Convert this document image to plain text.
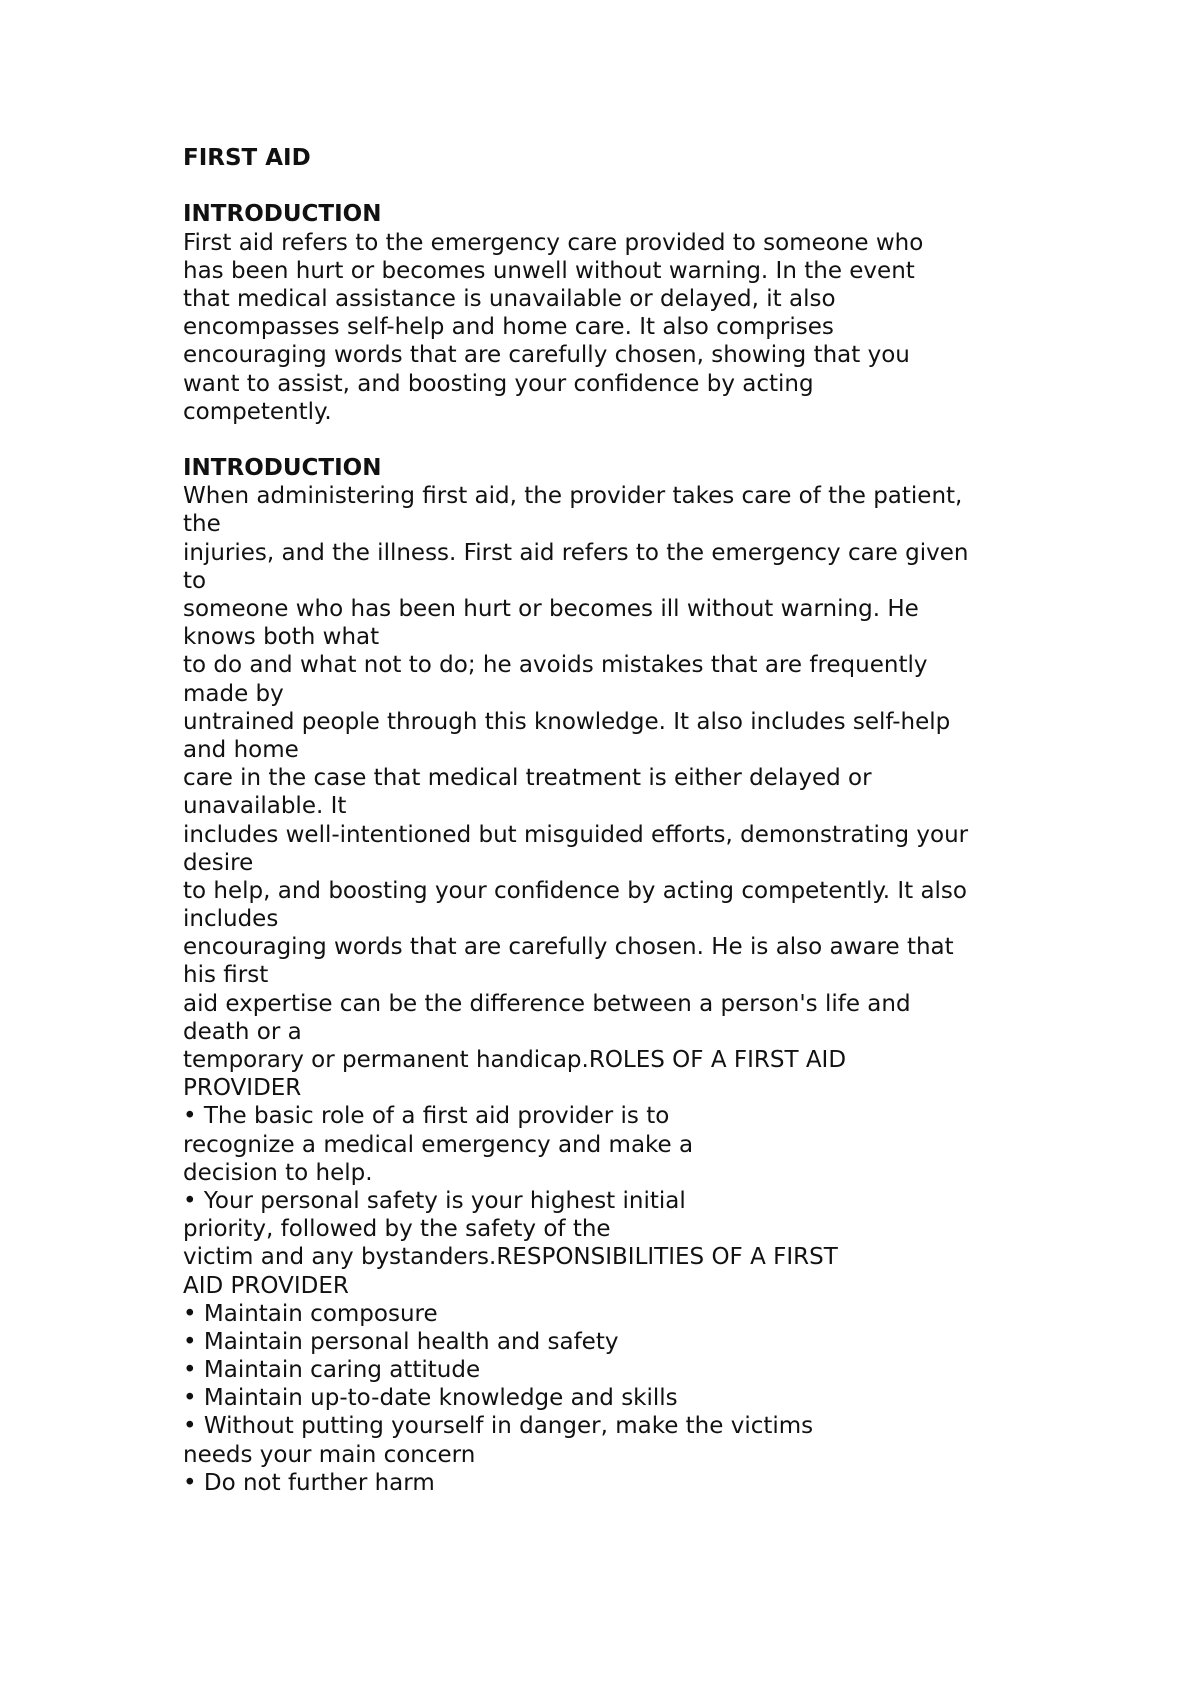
FIRST AID
INTRODUCTION
First aid refers to the emergency care provided to someone who
has been hurt or becomes unwell without warning. In the event
that medical assistance is unavailable or delayed, it also
encompasses self-help and home care. It also comprises
encouraging words that are carefully chosen, showing that you
want to assist, and boosting your confidence by acting
competently.
INTRODUCTION
When administering first aid, the provider takes care of the patient,
the
injuries, and the illness. First aid refers to the emergency care given
to
someone who has been hurt or becomes ill without warning. He
knows both what
to do and what not to do; he avoids mistakes that are frequently
made by
untrained people through this knowledge. It also includes self-help
and home
care in the case that medical treatment is either delayed or
unavailable. It
includes well-intentioned but misguided efforts, demonstrating your
desire
to help, and boosting your confidence by acting competently. It also
includes
encouraging words that are carefully chosen. He is also aware that
his first
aid expertise can be the difference between a person's life and
death or a
temporary or permanent handicap.ROLES OF A FIRST AID
PROVIDER
• The basic role of a first aid provider is to
recognize a medical emergency and make a
decision to help.
• Your personal safety is your highest initial
priority, followed by the safety of the
victim and any bystanders.RESPONSIBILITIES OF A FIRST
AID PROVIDER
• Maintain composure
• Maintain personal health and safety
• Maintain caring attitude
• Maintain up-to-date knowledge and skills
• Without putting yourself in danger, make the victims
needs your main concern
• Do not further harm
